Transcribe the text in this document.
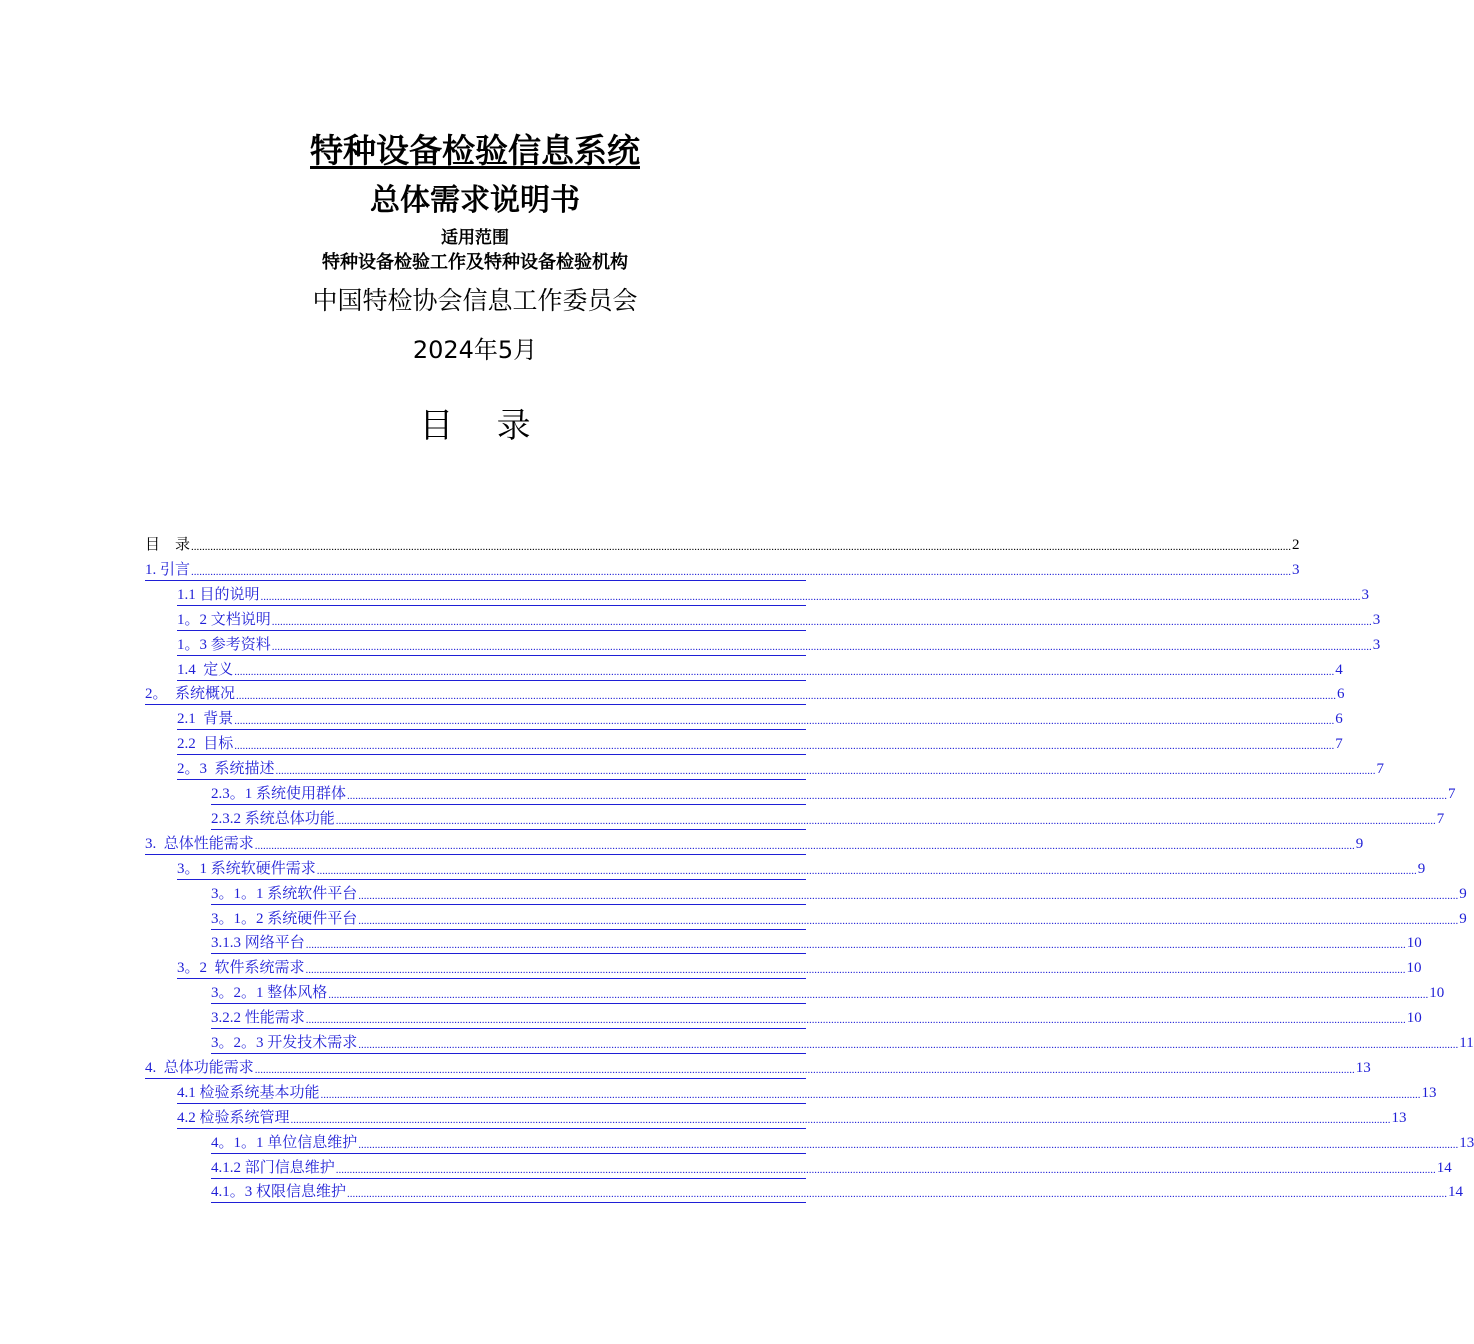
特种设备检验信息系统
总体需求说明书
适用范围
特种设备检验工作及特种设备检验机构
中国特检协会信息工作委员会
2024年5月
目    录
目    录 ................................................................................................................................................................................................................................................................................................................................................................................................................ 2
1. 引言 ................................................................................................................................................................................................................................................................................................................................................................................................................ 3
1.1 目的说明 ................................................................................................................................................................................................................................................................................................................................................................................................................ 3
1。2 文档说明 ................................................................................................................................................................................................................................................................................................................................................................................................................ 3
1。3 参考资料 ................................................................................................................................................................................................................................................................................................................................................................................................................ 3
1.4  定义 ................................................................................................................................................................................................................................................................................................................................................................................................................ 4
2。  系统概况 ................................................................................................................................................................................................................................................................................................................................................................................................................ 6
2.1  背景 ................................................................................................................................................................................................................................................................................................................................................................................................................ 6
2.2  目标 ................................................................................................................................................................................................................................................................................................................................................................................................................ 7
2。3  系统描述 ................................................................................................................................................................................................................................................................................................................................................................................................................ 7
2.3。1 系统使用群体 ................................................................................................................................................................................................................................................................................................................................................................................................................ 7
2.3.2 系统总体功能 ................................................................................................................................................................................................................................................................................................................................................................................................................ 7
3.  总体性能需求 ................................................................................................................................................................................................................................................................................................................................................................................................................ 9
3。1 系统软硬件需求 ................................................................................................................................................................................................................................................................................................................................................................................................................ 9
3。1。1 系统软件平台 ................................................................................................................................................................................................................................................................................................................................................................................................................ 9
3。1。2 系统硬件平台 ................................................................................................................................................................................................................................................................................................................................................................................................................ 9
3.1.3 网络平台 ................................................................................................................................................................................................................................................................................................................................................................................................................ 10
3。2  软件系统需求 ................................................................................................................................................................................................................................................................................................................................................................................................................ 10
3。2。1 整体风格 ................................................................................................................................................................................................................................................................................................................................................................................................................ 10
3.2.2 性能需求 ................................................................................................................................................................................................................................................................................................................................................................................................................ 10
3。2。3 开发技术需求 ................................................................................................................................................................................................................................................................................................................................................................................................................ 11
4.  总体功能需求 ................................................................................................................................................................................................................................................................................................................................................................................................................ 13
4.1 检验系统基本功能 ................................................................................................................................................................................................................................................................................................................................................................................................................ 13
4.2 检验系统管理 ................................................................................................................................................................................................................................................................................................................................................................................................................ 13
4。1。1 单位信息维护 ................................................................................................................................................................................................................................................................................................................................................................................................................ 13
4.1.2 部门信息维护 ................................................................................................................................................................................................................................................................................................................................................................................................................ 14
4.1。3 权限信息维护 ................................................................................................................................................................................................................................................................................................................................................................................................................ 14
